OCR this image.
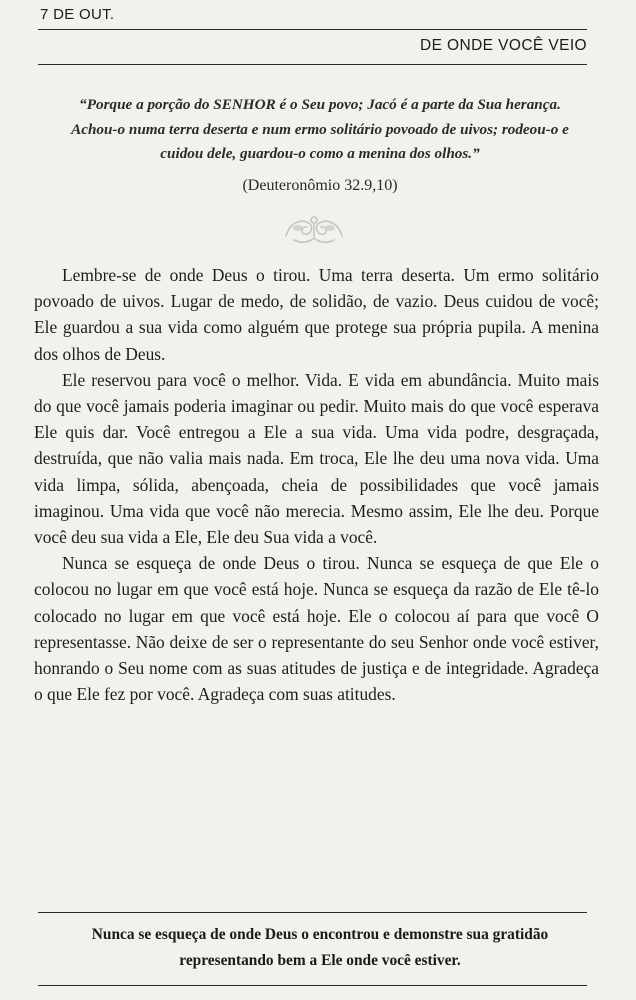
7 DE OUT.
DE ONDE VOCÊ VEIO
“Porque a porção do SENHOR é o Seu povo; Jacó é a parte da Sua herança.
Achou-o numa terra deserta e num ermo solitário povoado de uivos; rodeou-o e
cuidou dele, guardou-o como a menina dos olhos.”
(Deuteronômio 32.9,10)

Lembre-se de onde Deus o tirou. Uma terra deserta. Um ermo solitário povoado de uivos. Lugar de medo, de solidão, de vazio. Deus cuidou de você; Ele guardou a sua vida como alguém que protege sua própria pupila. A menina dos olhos de Deus.

Ele reservou para você o melhor. Vida. E vida em abundância. Muito mais do que você jamais poderia imaginar ou pedir. Muito mais do que você esperava Ele quis dar. Você entregou a Ele a sua vida. Uma vida podre, desgraçada, destruída, que não valia mais nada. Em troca, Ele lhe deu uma nova vida. Uma vida limpa, sólida, abençoada, cheia de possibilidades que você jamais imaginou. Uma vida que você não merecia. Mesmo assim, Ele lhe deu. Porque você deu sua vida a Ele, Ele deu Sua vida a você.

Nunca se esqueça de onde Deus o tirou. Nunca se esqueça de que Ele o colocou no lugar em que você está hoje. Nunca se esqueça da razão de Ele tê-lo colocado no lugar em que você está hoje. Ele o colocou aí para que você O representasse. Não deixe de ser o representante do seu Senhor onde você estiver, honrando o Seu nome com as suas atitudes de justiça e de integridade. Agradeça o que Ele fez por você. Agradeça com suas atitudes.

Nunca se esqueça de onde Deus o encontrou e demonstre sua gratidão
representando bem a Ele onde você estiver.
